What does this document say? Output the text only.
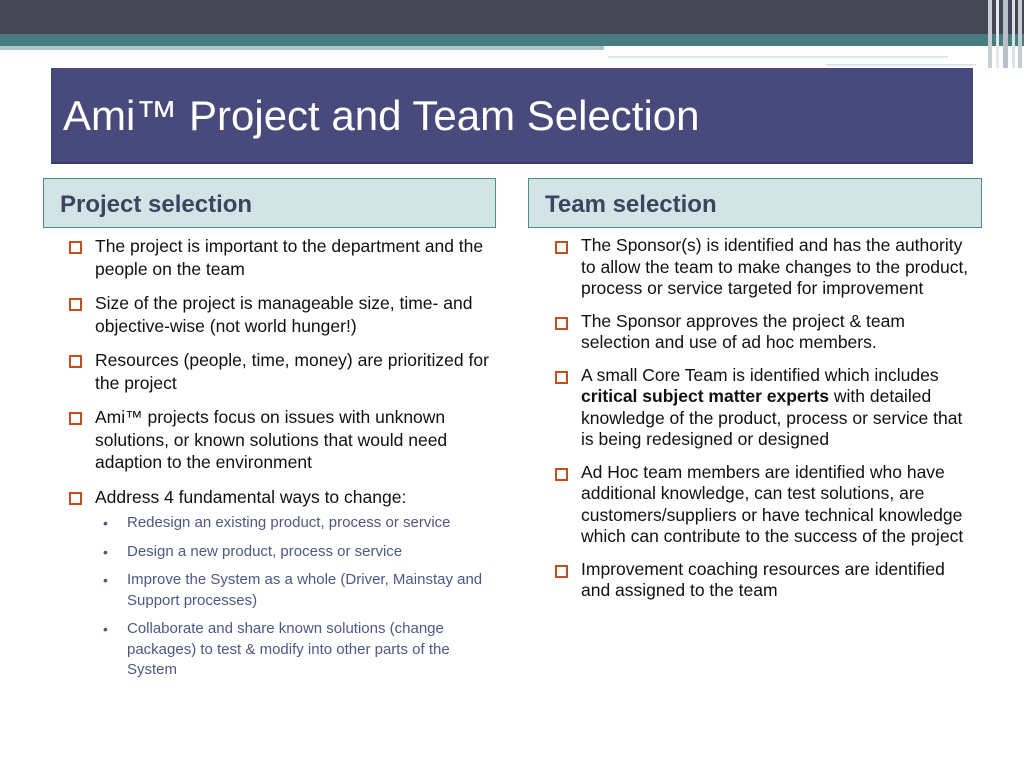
Ami™ Project and Team Selection
Project selection	Team selection
The project is important to the department and the people on the team
Size of the project is manageable size, time- and objective-wise (not world hunger!)
Resources (people, time, money) are prioritized for the project
Ami™ projects focus on issues with unknown solutions, or known solutions that would need adaption to the environment
Address 4 fundamental ways to change:
• Redesign an existing product, process or service
• Design a new product, process or service
• Improve the System as a whole (Driver, Mainstay and Support processes)
• Collaborate and share known solutions (change packages) to test & modify into other parts of the System
The Sponsor(s) is identified and has the authority to allow the team to make changes to the product, process or service targeted for improvement
The Sponsor approves the project & team selection and use of ad hoc members.
A small Core Team is identified which includes critical subject matter experts with detailed knowledge of the product, process or service that is being redesigned or designed
Ad Hoc team members are identified who have additional knowledge, can test solutions, are customers/suppliers or have technical knowledge which can contribute to the success of the project
Improvement coaching resources are identified and assigned to the team
